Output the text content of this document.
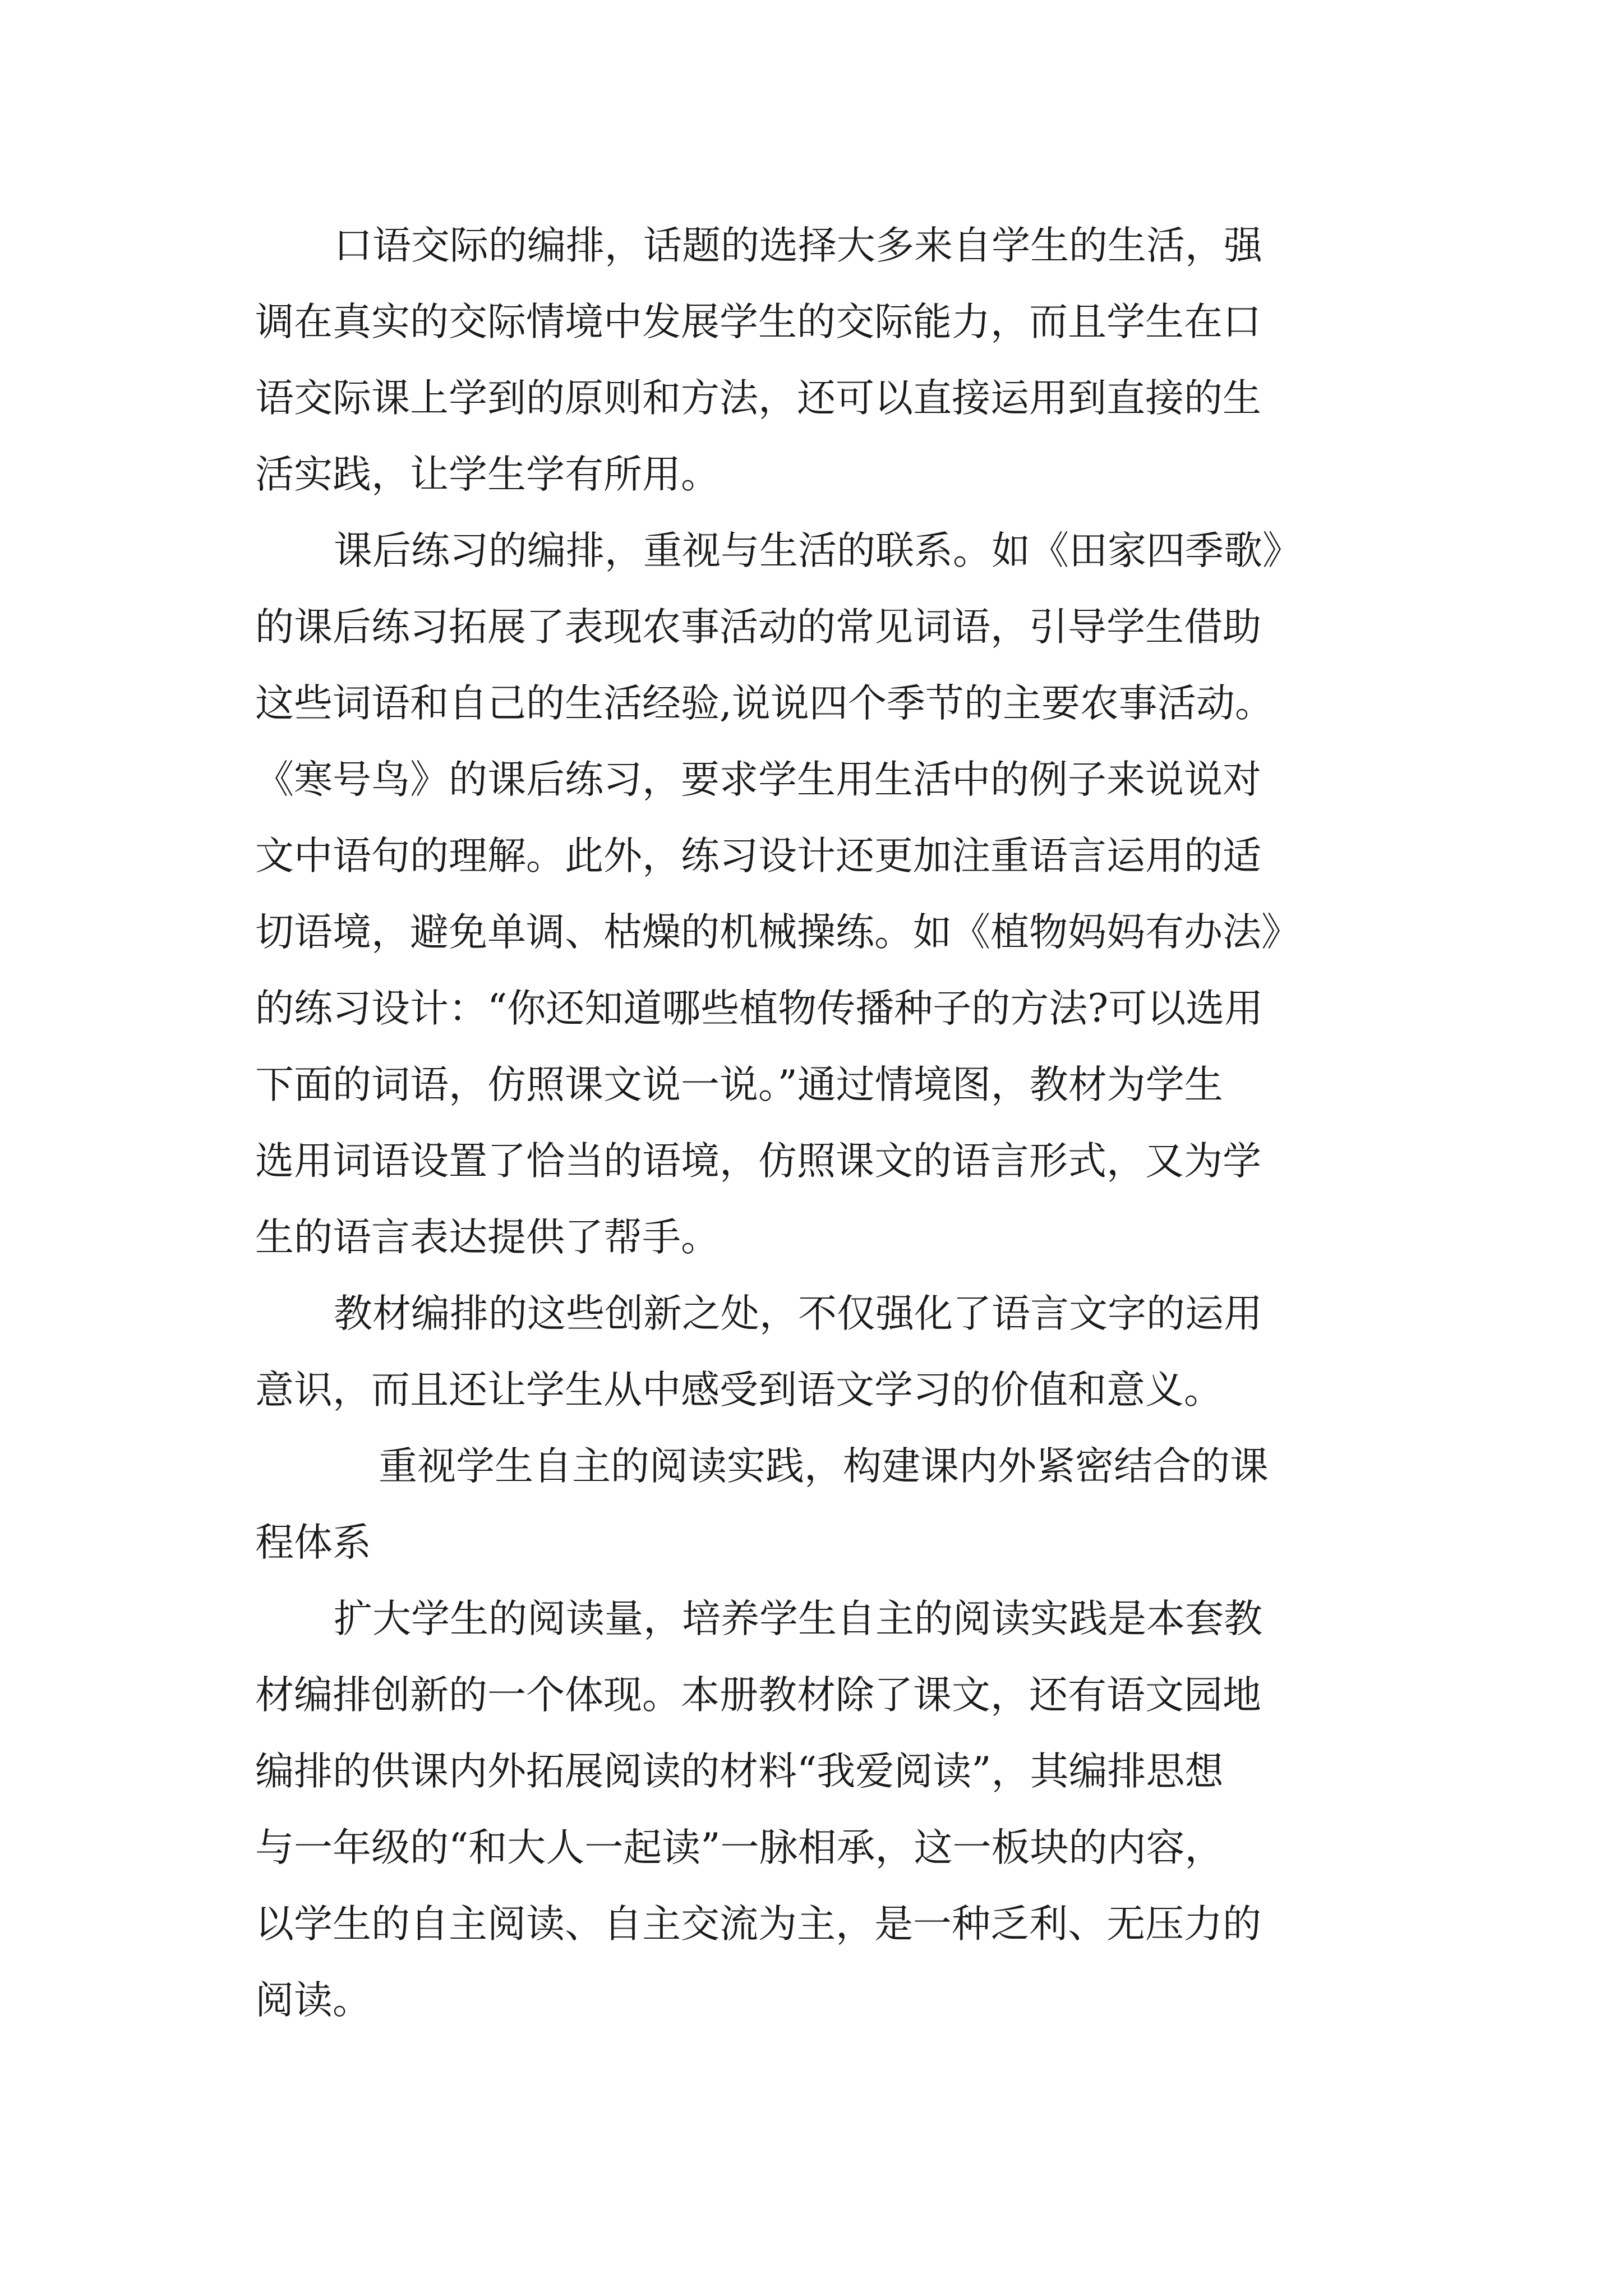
口语交际的编排，话题的选择大多来自学生的生活，强
调在真实的交际情境中发展学生的交际能力，而且学生在口
语交际课上学到的原则和方法，还可以直接运用到直接的生
活实践，让学生学有所用。
课后练习的编排，重视与生活的联系。如《田家四季歌》
的课后练习拓展了表现农事活动的常见词语，引导学生借助
这些词语和自己的生活经验,说说四个季节的主要农事活动。
《寒号鸟》的课后练习，要求学生用生活中的例子来说说对
文中语句的理解。此外，练习设计还更加注重语言运用的适
切语境，避免单调、枯燥的机械操练。如《植物妈妈有办法》
的练习设计：“你还知道哪些植物传播种子的方法?可以选用
下面的词语，仿照课文说一说。”通过情境图，教材为学生
选用词语设置了恰当的语境，仿照课文的语言形式，又为学
生的语言表达提供了帮手。
教材编排的这些创新之处，不仅强化了语言文字的运用
意识，而且还让学生从中感受到语文学习的价值和意义。
重视学生自主的阅读实践，构建课内外紧密结合的课
程体系
扩大学生的阅读量，培养学生自主的阅读实践是本套教
材编排创新的一个体现。本册教材除了课文，还有语文园地
编排的供课内外拓展阅读的材料“我爱阅读”，其编排思想
与一年级的“和大人一起读”一脉相承，这一板块的内容，
以学生的自主阅读、自主交流为主，是一种乏利、无压力的
阅读。
